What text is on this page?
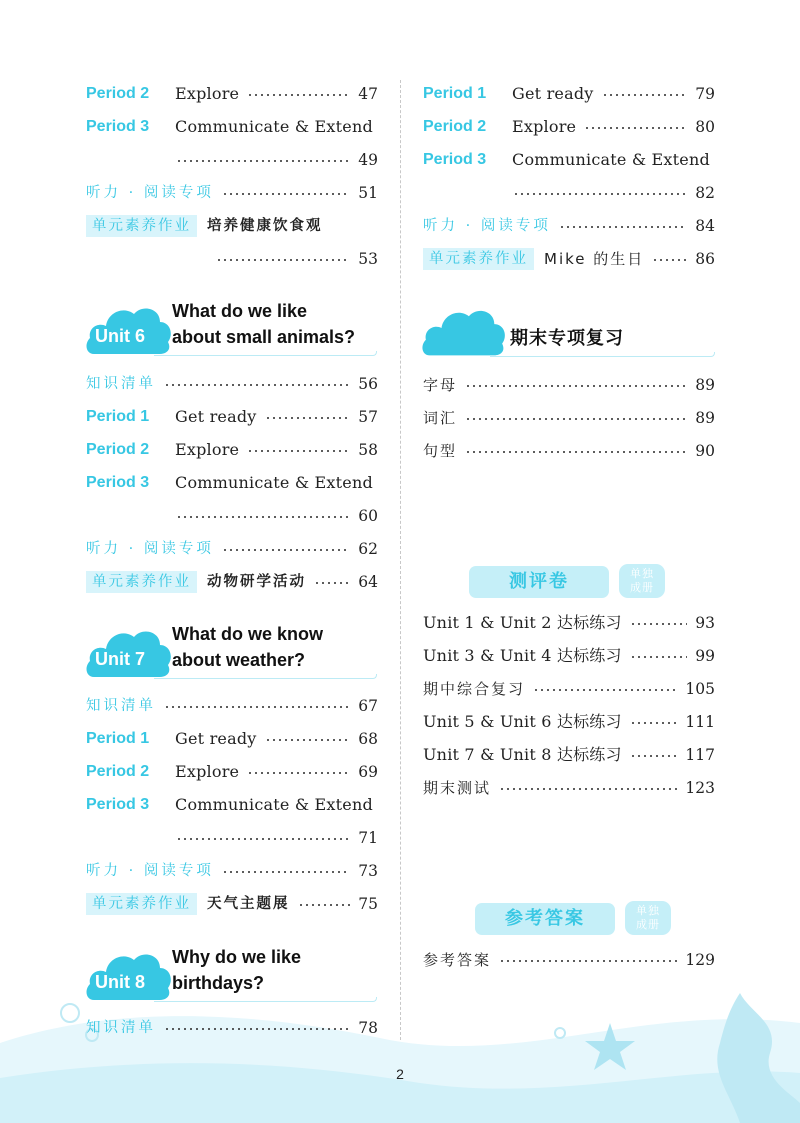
Period 2	Explore	47
Period 3	Communicate & Extend
49
听力 · 阅读专项	51
单元素养作业	培养健康饮食观
53
Unit 6
What do we like
about small animals?
知识清单	56
Period 1	Get ready	57
Period 2	Explore	58
Period 3	Communicate & Extend
60
听力 · 阅读专项	62
单元素养作业	动物研学活动	64
Unit 7
What do we know
about weather?
知识清单	67
Period 1	Get ready	68
Period 2	Explore	69
Period 3	Communicate & Extend
71
听力 · 阅读专项	73
单元素养作业	天气主题展	75
Unit 8
Why do we like
birthdays?
知识清单	78
Period 1	Get ready	79
Period 2	Explore	80
Period 3	Communicate & Extend
82
听力 · 阅读专项	84
单元素养作业	Mike 的生日	86
期末专项复习
字母	89
词汇	89
句型	90
测评卷	单独
成册
Unit 1 & Unit 2 达标练习	93
Unit 3 & Unit 4 达标练习	99
期中综合复习	105
Unit 5 & Unit 6 达标练习	111
Unit 7 & Unit 8 达标练习	117
期末测试	123
参考答案	单独
成册
参考答案	129
2
